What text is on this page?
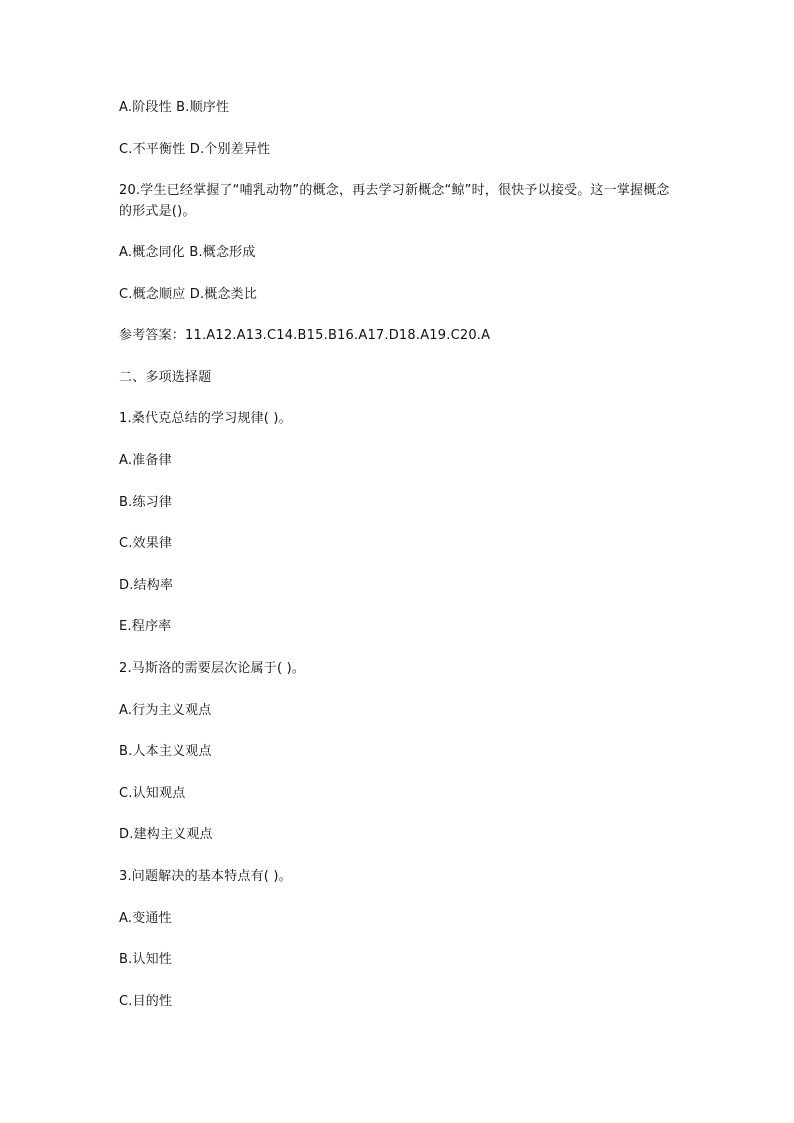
A.阶段性 B.顺序性
C.不平衡性 D.个别差异性
20.学生已经掌握了“哺乳动物”的概念，再去学习新概念“鲸”时，很快予以接受。这一掌握概念的形式是()。
A.概念同化 B.概念形成
C.概念顺应 D.概念类比
参考答案：11.A12.A13.C14.B15.B16.A17.D18.A19.C20.A
二、多项选择题
1.桑代克总结的学习规律( )。
A.准备律
B.练习律
C.效果律
D.结构率
E.程序率
2.马斯洛的需要层次论属于( )。
A.行为主义观点
B.人本主义观点
C.认知观点
D.建构主义观点
3.问题解决的基本特点有( )。
A.变通性
B.认知性
C.目的性
